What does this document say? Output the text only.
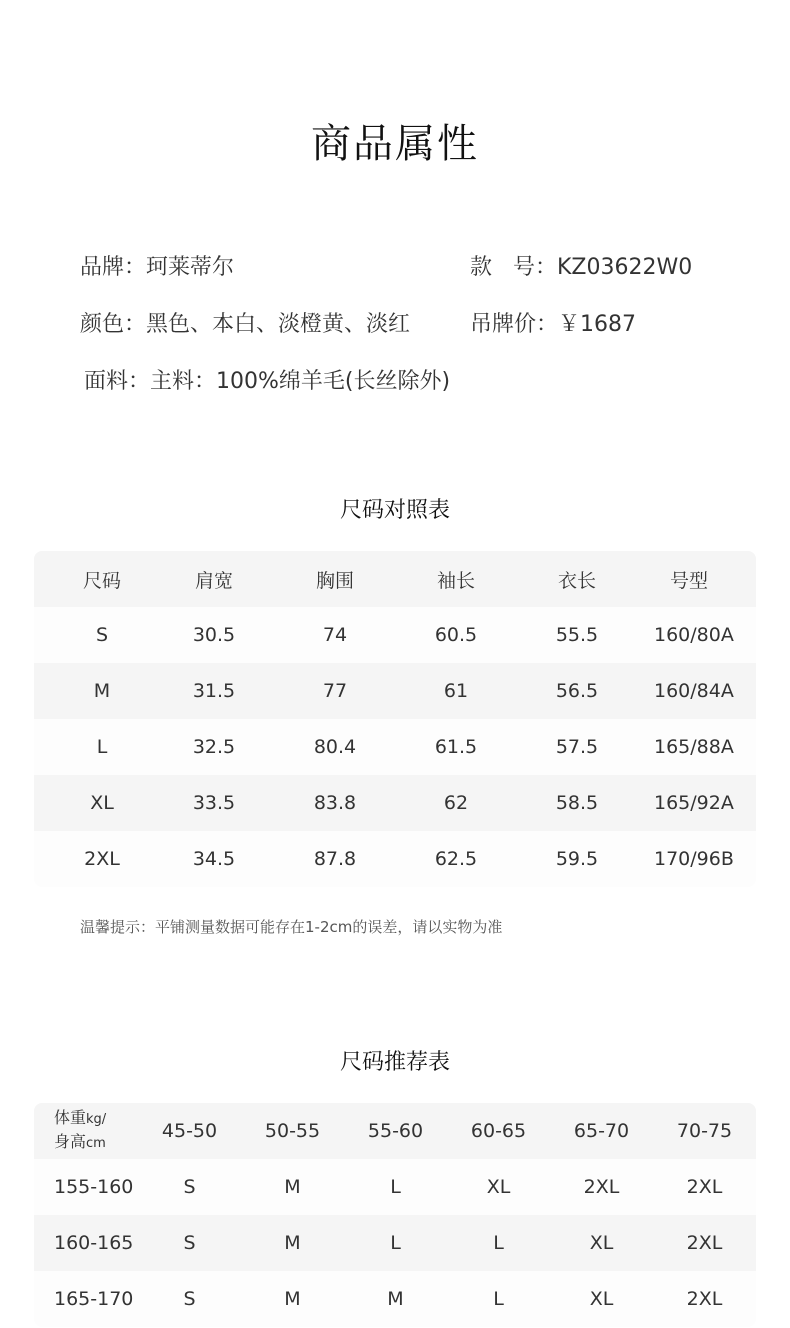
商品属性
品牌：珂莱蒂尔	款   号：KZ03622W0
颜色：黑色、本白、淡橙黄、淡红	吊牌价：￥1687
面料：主料：100%绵羊毛(长丝除外)
尺码对照表
尺码	肩宽	胸围	袖长	衣长	号型
S	30.5	74	60.5	55.5	160/80A
M	31.5	77	61	56.5	160/84A
L	32.5	80.4	61.5	57.5	165/88A
XL	33.5	83.8	62	58.5	165/92A
2XL	34.5	87.8	62.5	59.5	170/96B
温馨提示：平铺测量数据可能存在1-2cm的误差，请以实物为准
尺码推荐表
体重kg/
身高cm
45-50	50-55	55-60	60-65	65-70	70-75
155-160	S	M	L	XL	2XL	2XL
160-165	S	M	L	L	XL	2XL
165-170	S	M	M	L	XL	2XL
